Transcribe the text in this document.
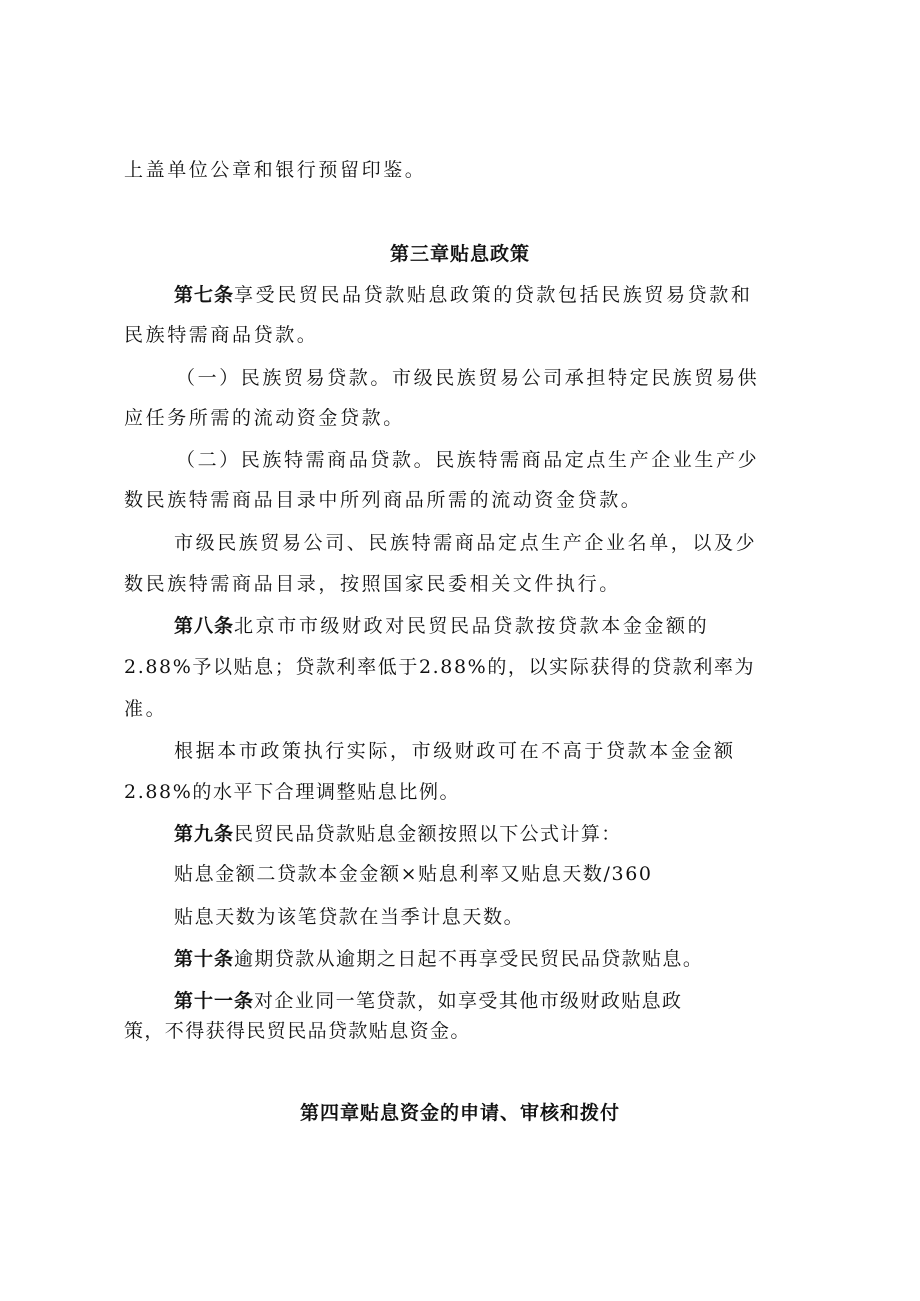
上盖单位公章和银行预留印鉴。
第三章贴息政策
第七条享受民贸民品贷款贴息政策的贷款包括民族贸易贷款和
民族特需商品贷款。
（一）民族贸易贷款。市级民族贸易公司承担特定民族贸易供
应任务所需的流动资金贷款。
（二）民族特需商品贷款。民族特需商品定点生产企业生产少
数民族特需商品目录中所列商品所需的流动资金贷款。
市级民族贸易公司、民族特需商品定点生产企业名单，以及少
数民族特需商品目录，按照国家民委相关文件执行。
第八条北京市市级财政对民贸民品贷款按贷款本金金额的
2.88%予以贴息；贷款利率低于2.88%的，以实际获得的贷款利率为
准。
根据本市政策执行实际，市级财政可在不高于贷款本金金额
2.88%的水平下合理调整贴息比例。
第九条民贸民品贷款贴息金额按照以下公式计算：
贴息金额二贷款本金金额×贴息利率又贴息天数/360
贴息天数为该笔贷款在当季计息天数。
第十条逾期贷款从逾期之日起不再享受民贸民品贷款贴息。
第十一条对企业同一笔贷款，如享受其他市级财政贴息政
策，不得获得民贸民品贷款贴息资金。
第四章贴息资金的申请、审核和拨付
